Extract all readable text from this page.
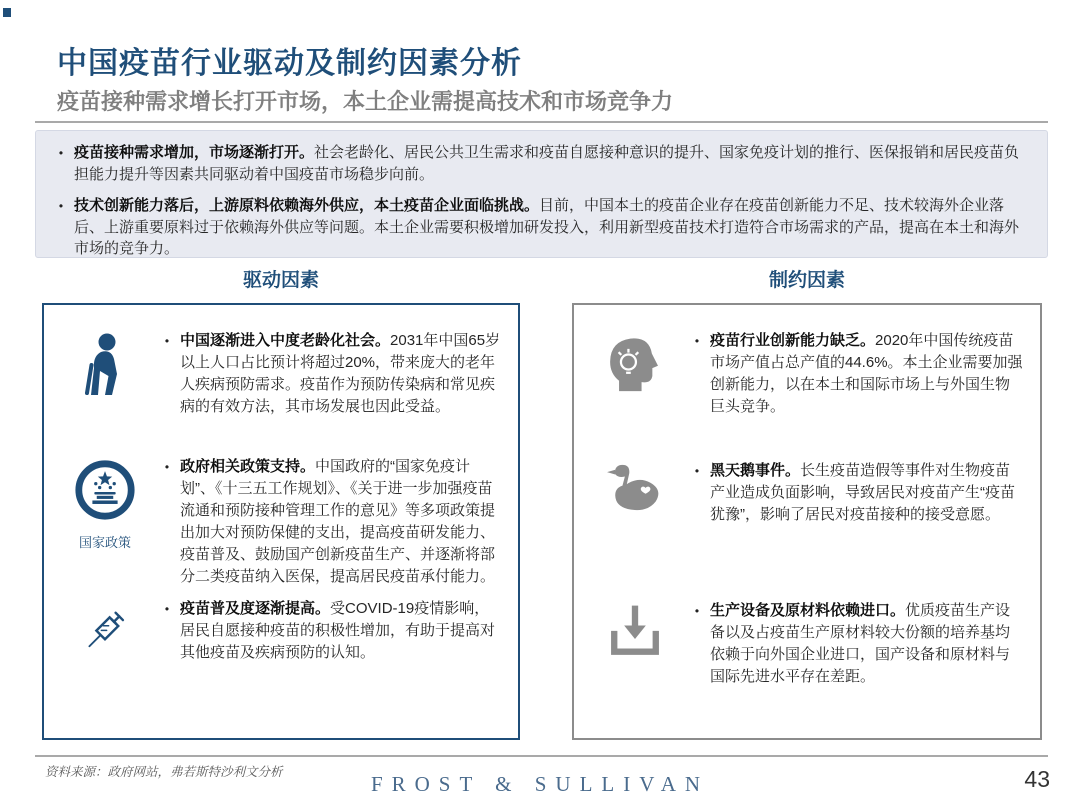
中国疫苗行业驱动及制约因素分析
疫苗接种需求增长打开市场，本土企业需提高技术和市场竞争力
• 疫苗接种需求增加，市场逐渐打开。社会老龄化、居民公共卫生需求和疫苗自愿接种意识的提升、国家免疫计划的推行、医保报销和居民疫苗负担能力提升等因素共同驱动着中国疫苗市场稳步向前。

• 技术创新能力落后，上游原料依赖海外供应，本土疫苗企业面临挑战。目前，中国本土的疫苗企业存在疫苗创新能力不足、技术较海外企业落后、上游重要原料过于依赖海外供应等问题。本土企业需要积极增加研发投入，利用新型疫苗技术打造符合市场需求的产品，提高在本土和海外市场的竞争力。

驱动因素	制约因素
• 中国逐渐进入中度老龄化社会。2031年中国65岁以上人口占比预计将超过20%，带来庞大的老年人疾病预防需求。疫苗作为预防传染病和常见疾病的有效方法，其市场发展也因此受益。

国家政策
• 政府相关政策支持。中国政府的“国家免疫计划”、《十三五工作规划》、《关于进一步加强疫苗流通和预防接种管理工作的意见》等多项政策提出加大对预防保健的支出，提高疫苗研发能力、疫苗普及、鼓励国产创新疫苗生产、并逐渐将部分二类疫苗纳入医保，提高居民疫苗承付能力。

• 疫苗普及度逐渐提高。受COVID-19疫情影响，居民自愿接种疫苗的积极性增加，有助于提高对其他疫苗及疾病预防的认知。

• 疫苗行业创新能力缺乏。2020年中国传统疫苗市场产值占总产值的44.6%。本土企业需要加强创新能力，以在本土和国际市场上与外国生物巨头竞争。

• 黑天鹅事件。长生疫苗造假等事件对生物疫苗产业造成负面影响，导致居民对疫苗产生“疫苗犹豫”，影响了居民对疫苗接种的接受意愿。

• 生产设备及原材料依赖进口。优质疫苗生产设备以及占疫苗生产原材料较大份额的培养基均依赖于向外国企业进口，国产设备和原材料与国际先进水平存在差距。

资料来源：政府网站，弗若斯特沙利文分析	FROST & SULLIVAN	43
